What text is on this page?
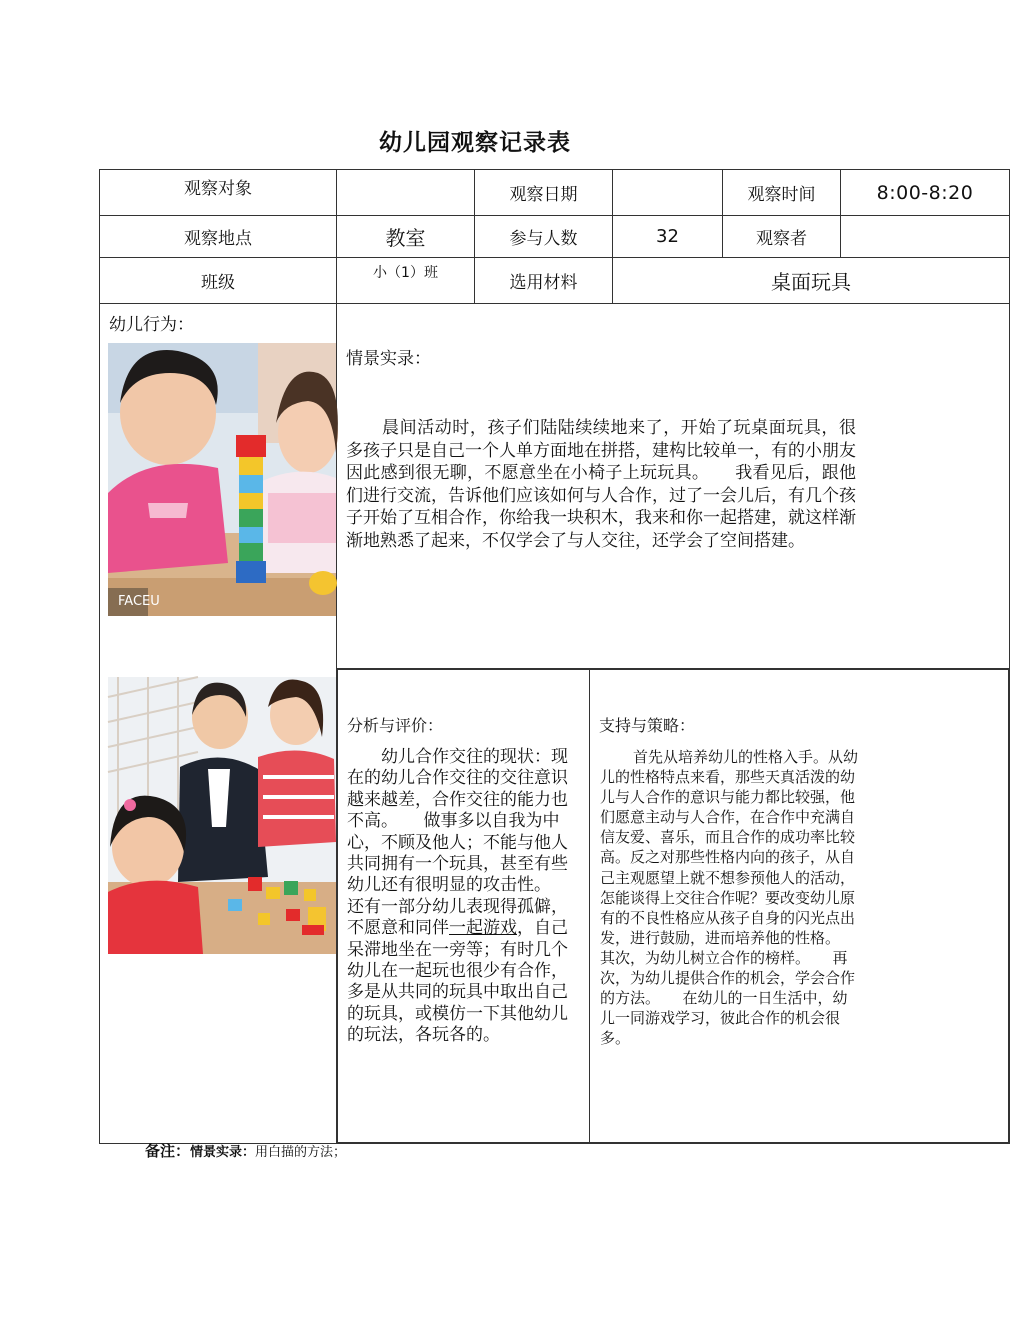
幼儿园观察记录表
观察对象		观察日期		观察时间	8:00-8:20
观察地点	教室	参与人数	32	观察者	
班级	小（1）班	选用材料	桌面玩具

幼儿行为：
FACEU

情景实录：
晨间活动时，孩子们陆陆续续地来了，开始了玩桌面玩具，很多孩子只是自己一个人单方面地在拼搭，建构比较单一，有的小朋友因此感到很无聊，不愿意坐在小椅子上玩玩具。　　我看见后，跟他们进行交流，告诉他们应该如何与人合作，过了一会儿后，有几个孩子开始了互相合作，你给我一块积木，我来和你一起搭建，就这样渐渐地熟悉了起来，不仅学会了与人交往，还学会了空间搭建。

分析与评价：
幼儿合作交往的现状：现在的幼儿合作交往的交往意识越来越差，合作交往的能力也不高。　　做事多以自我为中心，不顾及他人；不能与他人共同拥有一个玩具，甚至有些幼儿还有很明显的攻击性。　　还有一部分幼儿表现得孤僻，不愿意和同伴一起游戏，自己呆滞地坐在一旁等；有时几个幼儿在一起玩也很少有合作，多是从共同的玩具中取出自己的玩具，或模仿一下其他幼儿的玩法，各玩各的。

支持与策略：
首先从培养幼儿的性格入手。从幼儿的性格特点来看，那些天真活泼的幼儿与人合作的意识与能力都比较强，他们愿意主动与人合作，在合作中充满自信友爱、喜乐，而且合作的成功率比较高。反之对那些性格内向的孩子，从自己主观愿望上就不想参预他人的活动，怎能谈得上交往合作呢？要改变幼儿原有的不良性格应从孩子自身的闪光点出发，进行鼓励，进而培养他的性格。　　其次，为幼儿树立合作的榜样。　　再次，为幼儿提供合作的机会，学会合作的方法。　　在幼儿的一日生活中，幼儿一同游戏学习，彼此合作的机会很多。
备注：情景实录：用白描的方法；
